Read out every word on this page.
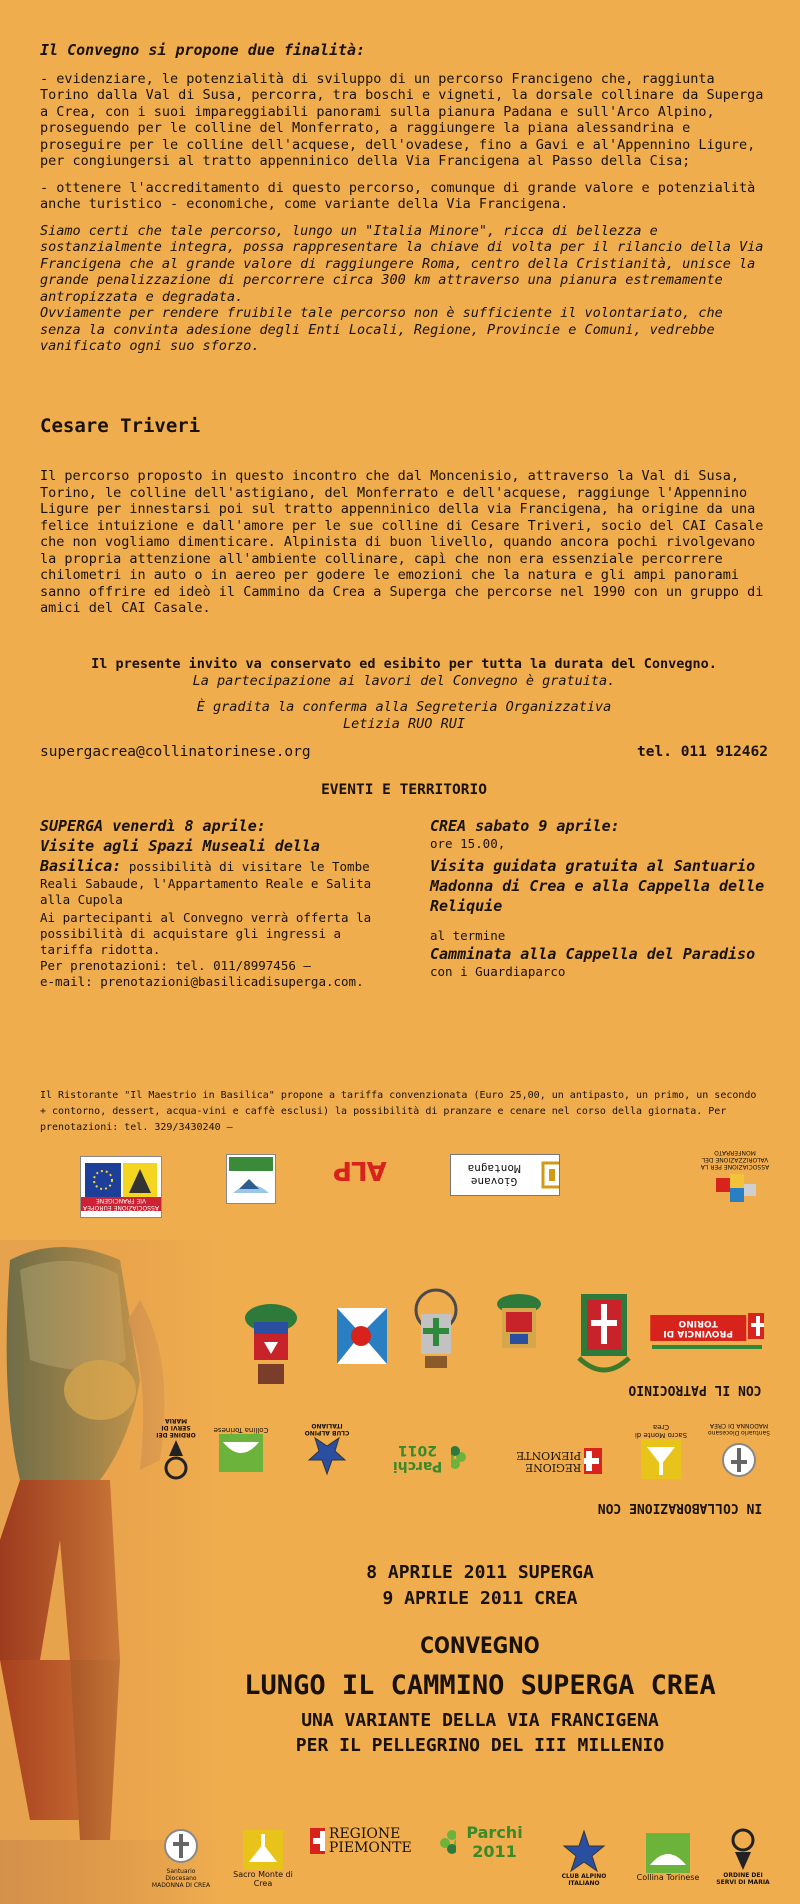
Il Convegno si propone due finalità:

- evidenziare, le potenzialità di sviluppo di un percorso Francigeno che, raggiunta Torino dalla Val di Susa, percorra, tra boschi e vigneti, la dorsale collinare da Superga a Crea, con i suoi impareggiabili panorami sulla pianura Padana e sull'Arco Alpino, proseguendo per le colline del Monferrato, a raggiungere la piana alessandrina e proseguire per le colline dell'acquese, dell'ovadese, fino a Gavi e al'Appennino Ligure, per congiungersi al tratto appenninico della Via Francigena al Passo della Cisa;

- ottenere l'accreditamento di questo percorso, comunque di grande valore e potenzialità anche turistico - economiche, come variante della Via Francigena.

Siamo certi che tale percorso, lungo un "Italia Minore", ricca di bellezza e sostanzialmente integra, possa rappresentare la chiave di volta per il rilancio della Via Francigena che al grande valore di raggiungere Roma, centro della Cristianità, unisce la grande penalizzazione di percorrere circa 300 km attraverso una pianura estremamente antropizzata e degradata.

Ovviamente per rendere fruibile tale percorso non è sufficiente il volontariato, che senza la convinta adesione degli Enti Locali, Regione, Provincie e Comuni, vedrebbe vanificato ogni suo sforzo.

Cesare Triveri
Il percorso proposto in questo incontro che dal Moncenisio, attraverso la Val di Susa, Torino, le colline dell'astigiano, del Monferrato e dell'acquese, raggiunge l'Appennino Ligure per innestarsi poi sul tratto appenninico della via Francigena, ha origine da una felice intuizione e dall'amore per le sue colline di Cesare Triveri, socio del CAI Casale che non vogliamo dimenticare. Alpinista di buon livello, quando ancora pochi rivolgevano la propria attenzione all'ambiente collinare, capì che non era essenziale percorrere chilometri in auto o in aereo per godere le emozioni che la natura e gli ampi panorami sanno offrire ed ideò il Cammino da Crea a Superga che percorse nel 1990 con un gruppo di amici del CAI Casale.
Il presente invito va conservato ed esibito per tutta la durata del Convegno.
La partecipazione ai lavori del Convegno è gratuita.
È gradita la conferma alla Segreteria Organizzativa
Letizia RUO RUI
supergacrea@collinatorinese.org	tel. 011 912462
EVENTI E TERRITORIO
SUPERGA venerdì 8 aprile:
Visite agli Spazi Museali della
Basilica: possibilità di visitare le Tombe Reali Sabaude, l'Appartamento Reale e Salita alla Cupola
Ai partecipanti al Convegno verrà offerta la possibilità di acquistare gli ingressi a tariffa ridotta.
Per prenotazioni: tel. 011/8997456 –
e-mail: prenotazioni@basilicadisuperga.com.
CREA sabato 9 aprile:
ore 15.00,
Visita guidata gratuita al Santuario Madonna di Crea e alla Cappella delle Reliquie
al termine
Camminata alla Cappella del Paradiso
con i Guardiaparco
Il Ristorante "Il Maestrio in Basilica" propone a tariffa convenzionata (Euro 25,00, un antipasto, un primo, un secondo + contorno, dessert, acqua-vini e caffè esclusi) la possibilità di pranzare e cenare nel corso della giornata. Per prenotazioni: tel. 329/3430240 –
ASSOCIAZIONE EUROPEA VIE FRANCIGENE
ALP	Giovane Montagna	ASSOCIAZIONE PER LA VALORIZZAZIONE DEL MONFERRATO
PROVINCIA DI TORINO
CON IL PATROCINIO
ORDINE DEI SERVI DI MARIA
Collina Torinese	CLUB ALPINO ITALIANO
Parchi 2011
REGIONE PIEMONTE
Sacro Monte di Crea
Santuario Diocesano MADONNA DI CREA
IN COLLABORAZIONE CON
8 APRILE 2011 SUPERGA
9 APRILE 2011 CREA
CONVEGNO
LUNGO IL CAMMINO SUPERGA CREA
UNA VARIANTE DELLA VIA FRANCIGENA
PER IL PELLEGRINO DEL III MILLENIO
Santuario Diocesano MADONNA DI CREA
Sacro Monte di Crea
REGIONE PIEMONTE
Parchi 2011
CLUB ALPINO ITALIANO
Collina Torinese	ORDINE DEI SERVI DI MARIA
